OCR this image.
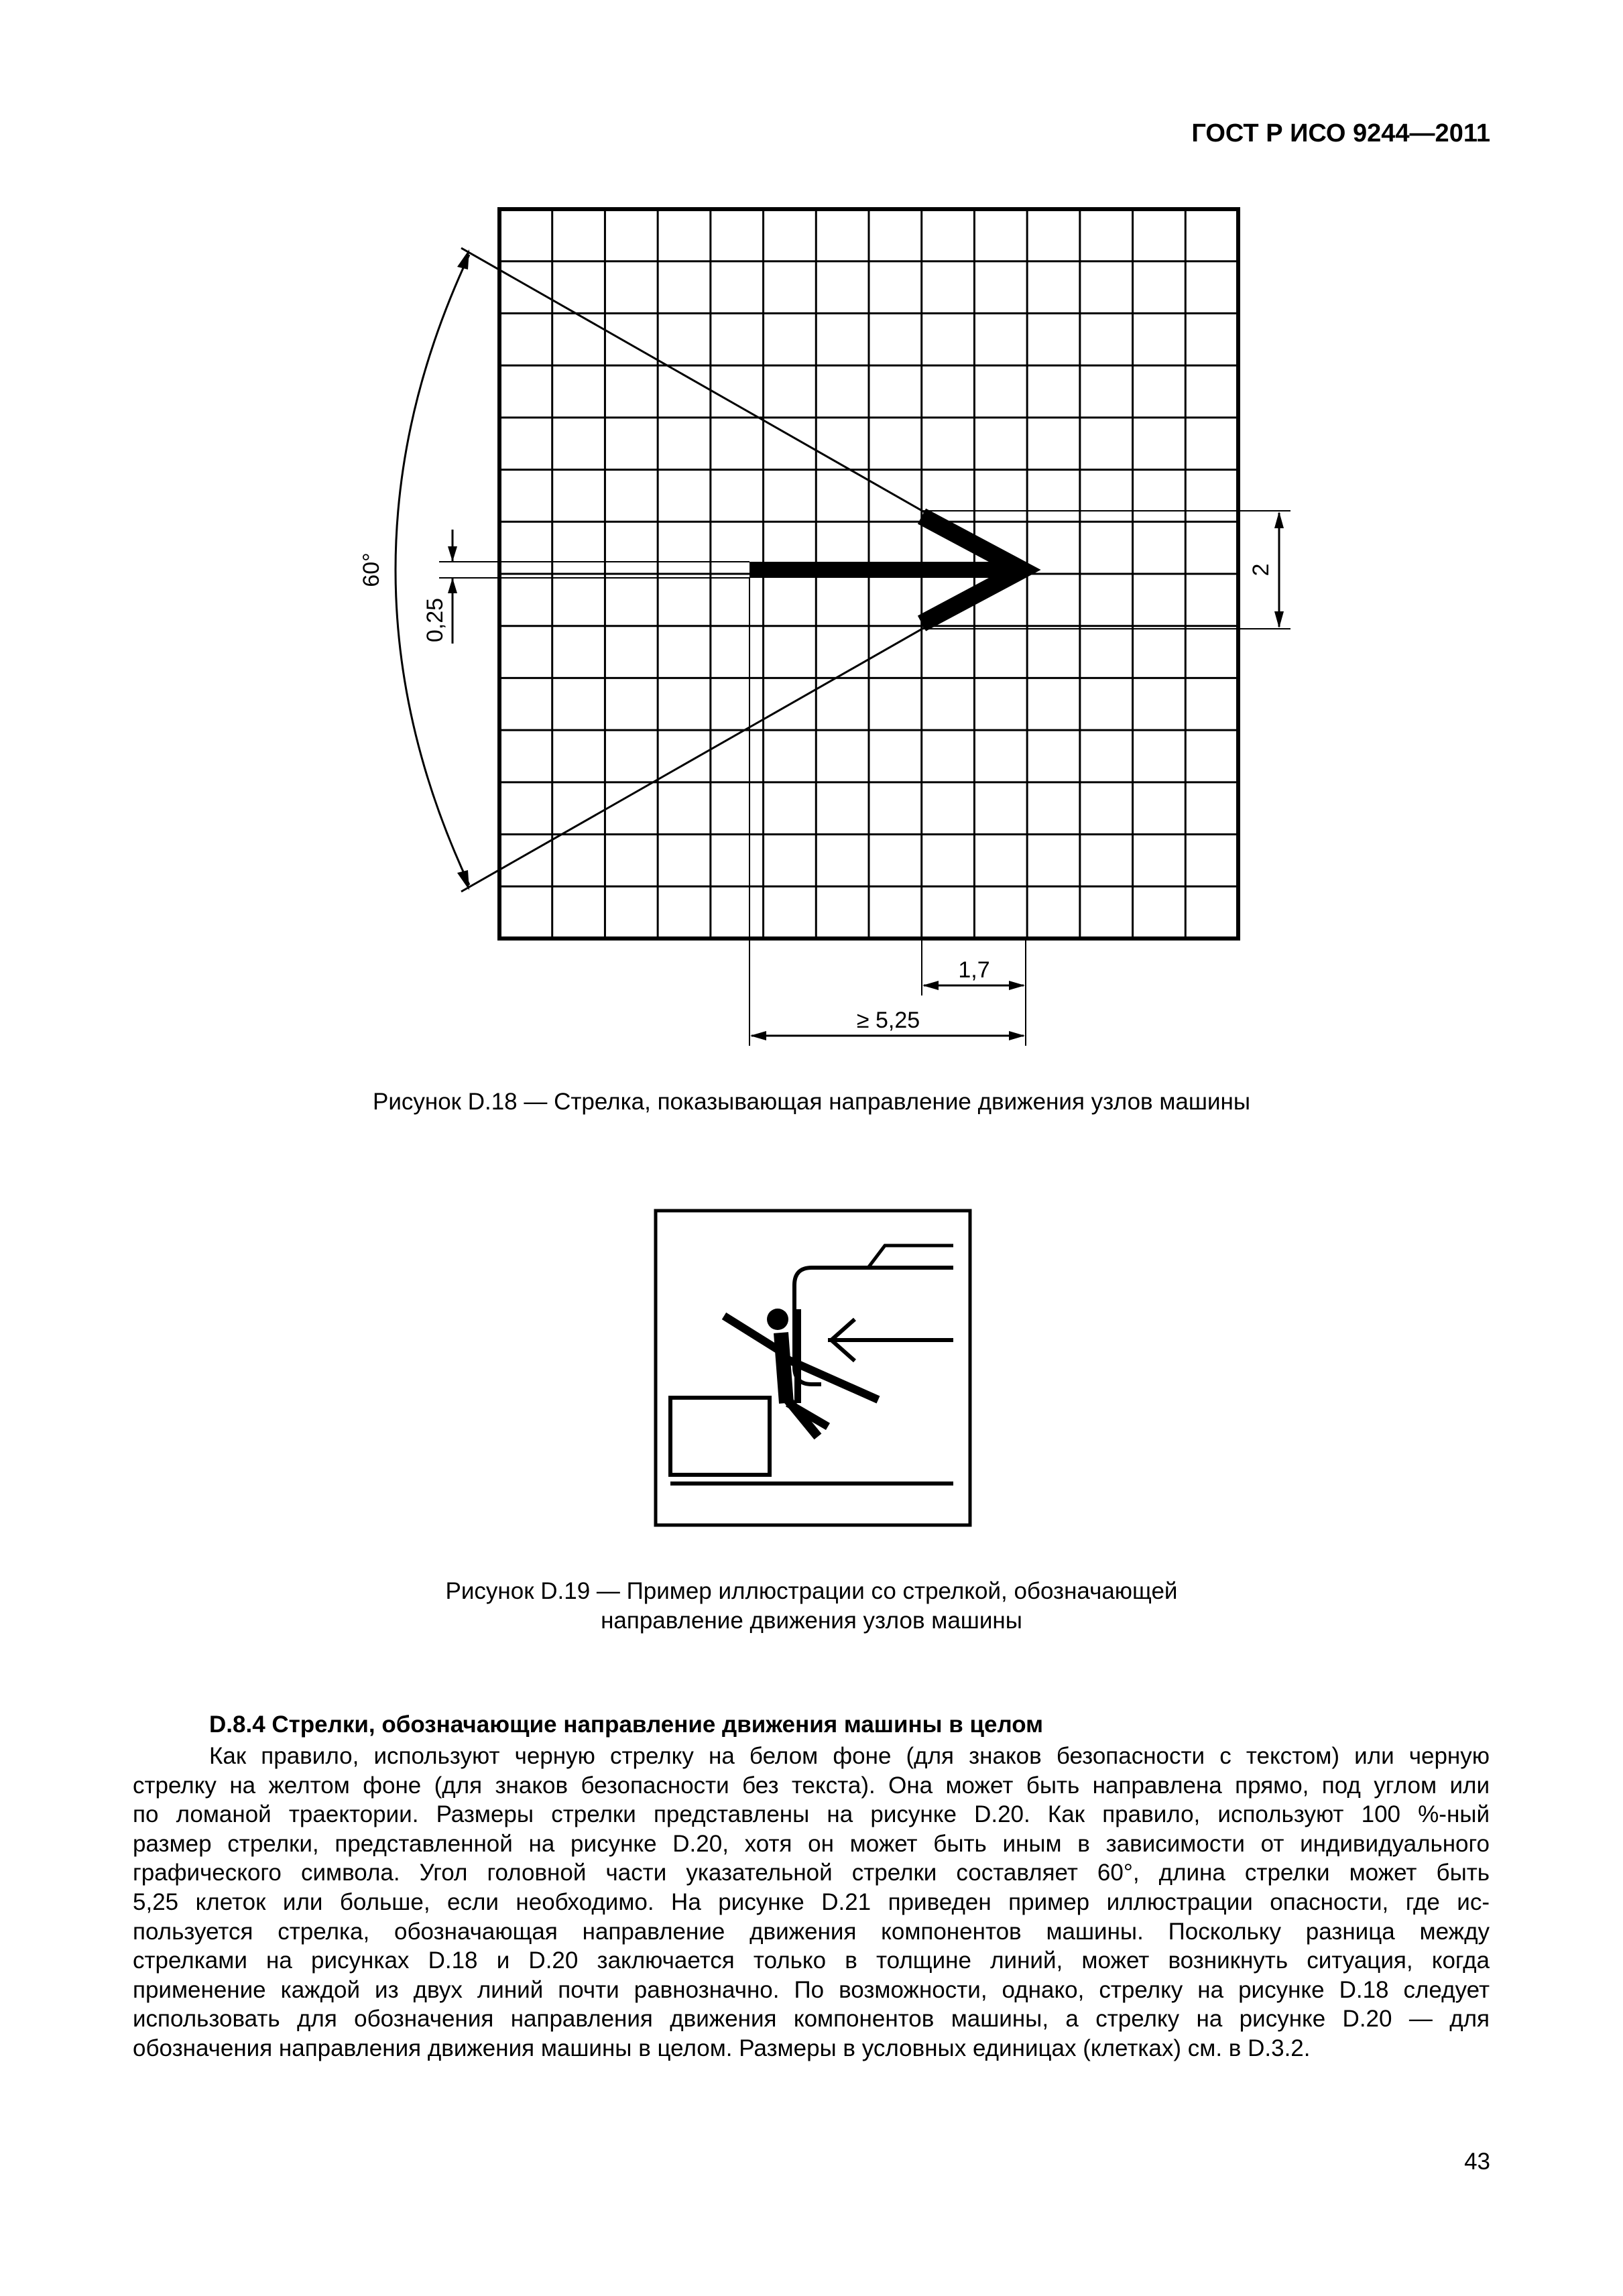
ГОСТ Р ИСО 9244—2011
60°
0,25
2
1,7
≥ 5,25
Рисунок D.18 — Стрелка, показывающая направление движения узлов машины
Рисунок D.19 — Пример иллюстрации со стрелкой, обозначающей
направление движения узлов машины
D.8.4 Стрелки, обозначающие направление движения машины в целом
Как правило, используют черную стрелку на белом фоне (для знаков безопасности с текстом) или черную
стрелку на желтом фоне (для знаков безопасности без текста). Она может быть направлена прямо, под углом или
по ломаной траектории. Размеры стрелки представлены на рисунке D.20. Как правило, используют 100 %-ный
размер стрелки, представленной на рисунке D.20, хотя он может быть иным в зависимости от индивидуального
графического символа. Угол головной части указательной стрелки составляет 60°, длина стрелки может быть
5,25 клеток или больше, если необходимо. На рисунке D.21 приведен пример иллюстрации опасности, где ис-
пользуется стрелка, обозначающая направление движения компонентов машины. Поскольку разница между
стрелками на рисунках D.18 и D.20 заключается только в толщине линий, может возникнуть ситуация, когда
применение каждой из двух линий почти равнозначно. По возможности, однако, стрелку на рисунке D.18 следует
использовать для обозначения направления движения компонентов машины, а стрелку на рисунке D.20 — для
обозначения направления движения машины в целом. Размеры в условных единицах (клетках) см. в D.3.2.
43
